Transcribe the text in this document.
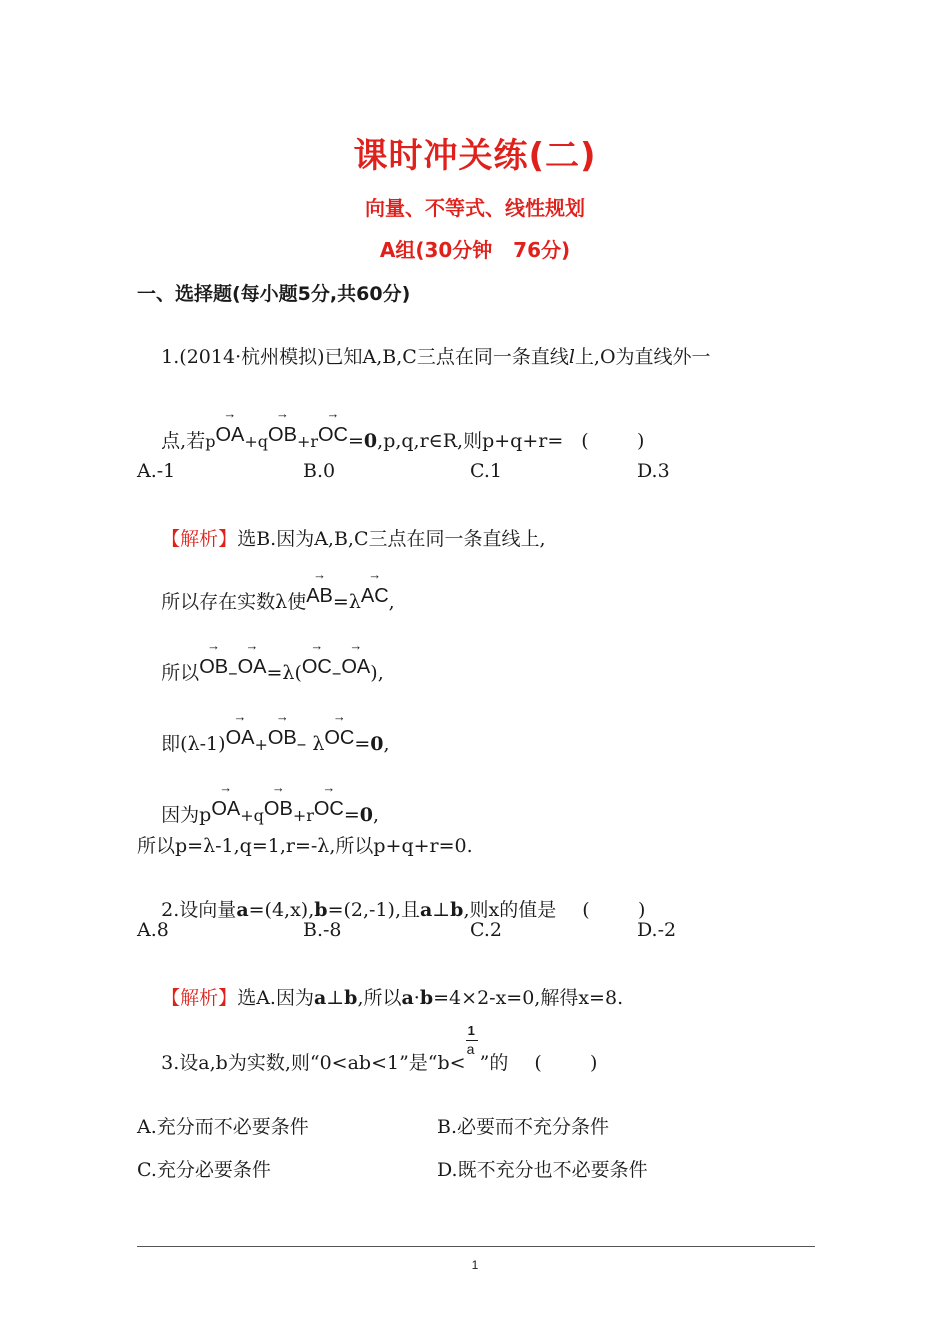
课时冲关练(二)
向量、不等式、线性规划
A组(30分钟   76分)
一、选择题(每小题5分,共60分)

1.(2014·杭州模拟)已知A,B,C三点在同一条直线l上,O为直线外一

点,若p→ OA+q→ OB+r→ OC=0,p,q,r∈R,则p+q+r= (        )

A.-1	B.0	C.1	D.3

【解析】选B.因为A,B,C三点在同一条直线上,

所以存在实数λ使→ AB=λ→ AC,

所以→ OB–→ OA=λ(→ OC–→ OA),

即(λ-1)→ OA+→ OB– λ→ OC=0,

因为p→ OA+q→ OB+r→ OC=0,

所以p=λ-1,q=1,r=-λ,所以p+q+r=0.

2.设向量a=(4,x),b=(2,-1),且a⊥b,则x的值是 (        )

A.8	B.-8	C.2	D.-2

【解析】选A.因为a⊥b,所以a·b=4×2-x=0,解得x=8.

3.设a,b为实数,则“0<ab<1”是“$b< \frac{1}{a}$ ”的 (        )

A.充分而不必要条件	B.必要而不充分条件
C.充分必要条件	D.既不充分也不必要条件
1
